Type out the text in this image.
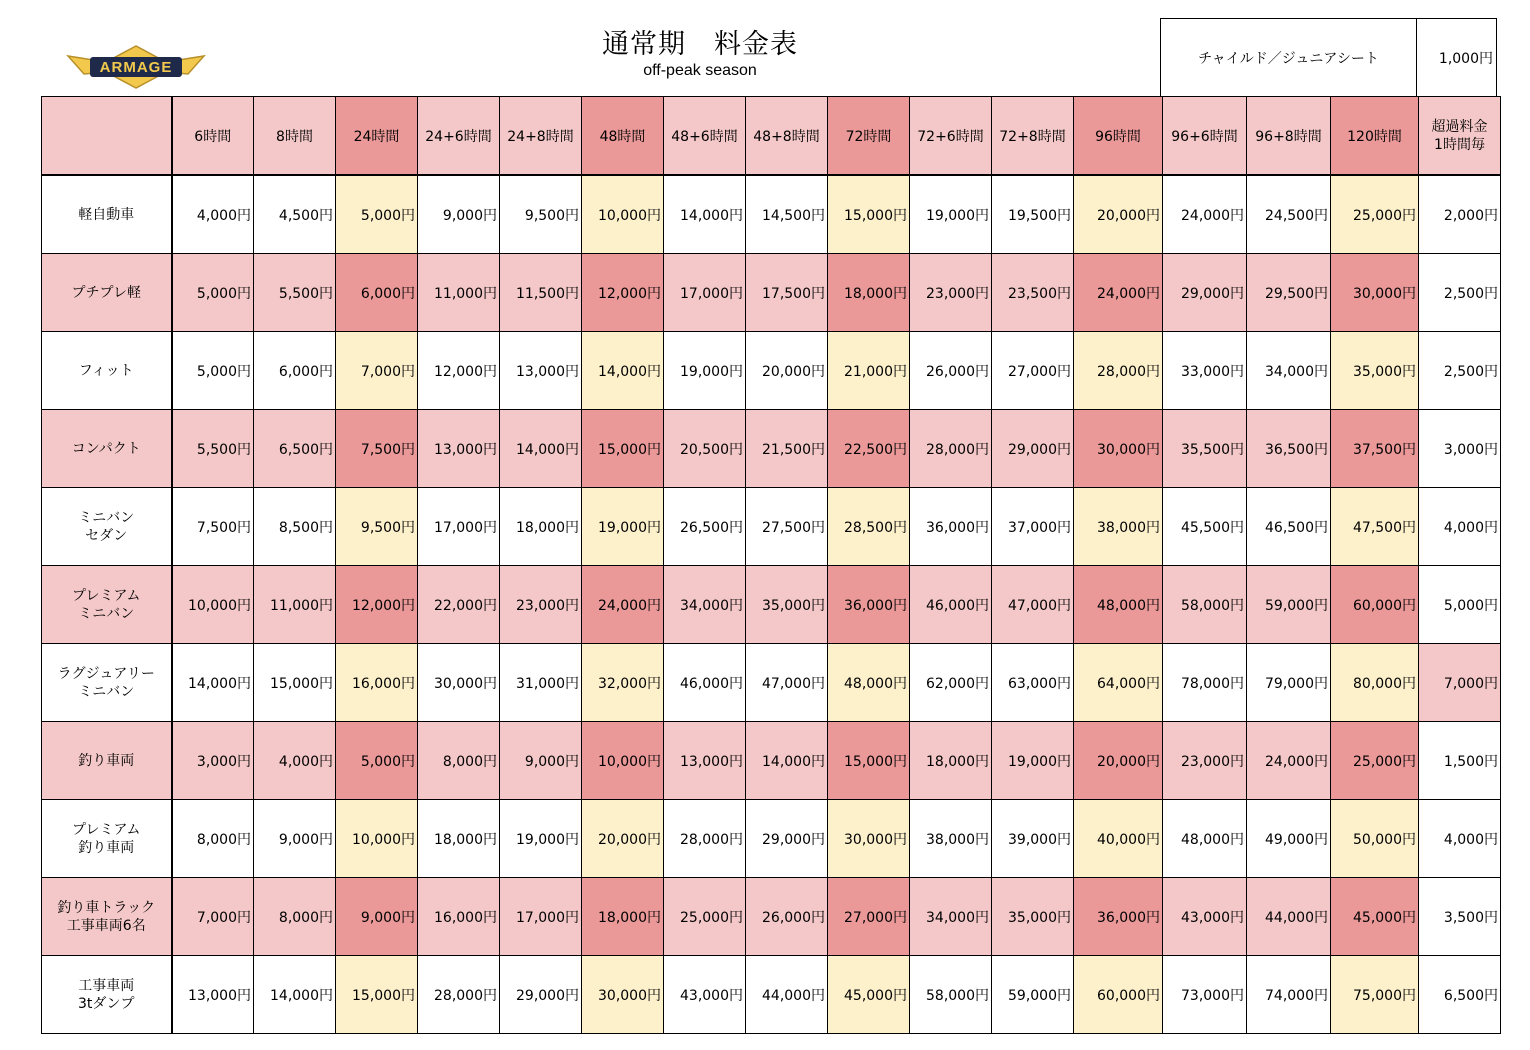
ARMAGE
通常期　料金表
off-peak season
チャイルド／ジュニアシート	1,000円
	6時間	8時間	24時間	24+6時間	24+8時間	48時間	48+6時間	48+8時間	72時間	72+6時間	72+8時間	96時間	96+6時間	96+8時間	120時間	超過料金
1時間毎
軽自動車	4,000円	4,500円	5,000円	9,000円	9,500円	10,000円	14,000円	14,500円	15,000円	19,000円	19,500円	20,000円	24,000円	24,500円	25,000円	2,000円
プチプレ軽	5,000円	5,500円	6,000円	11,000円	11,500円	12,000円	17,000円	17,500円	18,000円	23,000円	23,500円	24,000円	29,000円	29,500円	30,000円	2,500円
フィット	5,000円	6,000円	7,000円	12,000円	13,000円	14,000円	19,000円	20,000円	21,000円	26,000円	27,000円	28,000円	33,000円	34,000円	35,000円	2,500円
コンパクト	5,500円	6,500円	7,500円	13,000円	14,000円	15,000円	20,500円	21,500円	22,500円	28,000円	29,000円	30,000円	35,500円	36,500円	37,500円	3,000円
ミニバン
セダン	7,500円	8,500円	9,500円	17,000円	18,000円	19,000円	26,500円	27,500円	28,500円	36,000円	37,000円	38,000円	45,500円	46,500円	47,500円	4,000円
プレミアム
ミニバン	10,000円	11,000円	12,000円	22,000円	23,000円	24,000円	34,000円	35,000円	36,000円	46,000円	47,000円	48,000円	58,000円	59,000円	60,000円	5,000円
ラグジュアリー
ミニバン	14,000円	15,000円	16,000円	30,000円	31,000円	32,000円	46,000円	47,000円	48,000円	62,000円	63,000円	64,000円	78,000円	79,000円	80,000円	7,000円
釣り車両	3,000円	4,000円	5,000円	8,000円	9,000円	10,000円	13,000円	14,000円	15,000円	18,000円	19,000円	20,000円	23,000円	24,000円	25,000円	1,500円
プレミアム
釣り車両	8,000円	9,000円	10,000円	18,000円	19,000円	20,000円	28,000円	29,000円	30,000円	38,000円	39,000円	40,000円	48,000円	49,000円	50,000円	4,000円
釣り車トラック
工事車両6名	7,000円	8,000円	9,000円	16,000円	17,000円	18,000円	25,000円	26,000円	27,000円	34,000円	35,000円	36,000円	43,000円	44,000円	45,000円	3,500円
工事車両
3tダンプ	13,000円	14,000円	15,000円	28,000円	29,000円	30,000円	43,000円	44,000円	45,000円	58,000円	59,000円	60,000円	73,000円	74,000円	75,000円	6,500円
